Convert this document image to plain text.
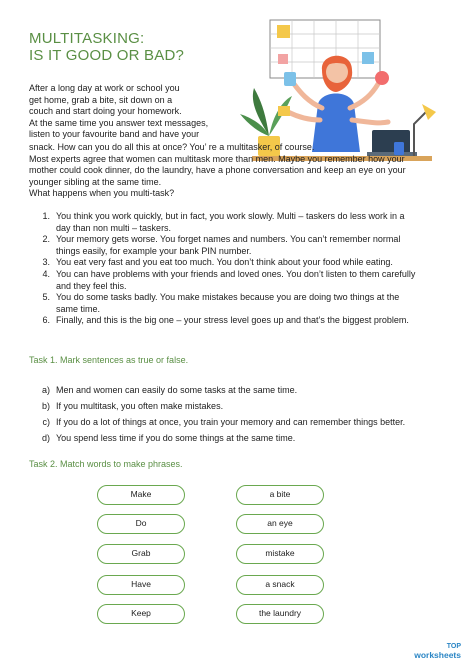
MULTITASKING:
IS IT GOOD OR BAD?
After a long day at work or school you
get home, grab a bite, sit down on a
couch and start doing your homework.
At the same time you answer text messages,
listen to your favourite band and have your
snack. How can you do all this at once? You’ re a multitasker, of course.
Most experts agree that women can multitask more than men. Maybe you remember how your
mother could cook dinner, do the laundry, have a phone conversation and keep an eye on your
younger sibling at the same time.
What happens when you multi-task?
1. You think you work quickly, but in fact, you work slowly. Multi – taskers do less work in a
day than non multi – taskers.
2. Your memory gets worse. You forget names and numbers. You can’t remember normal
things easily, for example your bank PIN number.
3. You eat very fast and you eat too much. You don’t think about your food while eating.
4. You can have problems with your friends and loved ones. You don’t listen to them carefully
and they feel this.
5. You do some tasks badly. You make mistakes because you are doing two things at the
same time.
6. Finally, and this is the big one – your stress level goes up and that’s the biggest problem.

Task 1. Mark sentences as true or false.

a) Men and women can easily do some tasks at the same time.
b) If you multitask, you often make mistakes.
c) If you do a lot of things at once, you train your memory and can remember things better.
d) You spend less time if you do some things at the same time.

Task 2. Match words to make phrases.

Make
Do
Grab
Have
Keep
a bite
an eye
mistake
a snack
the laundry
TOP
worksheets
